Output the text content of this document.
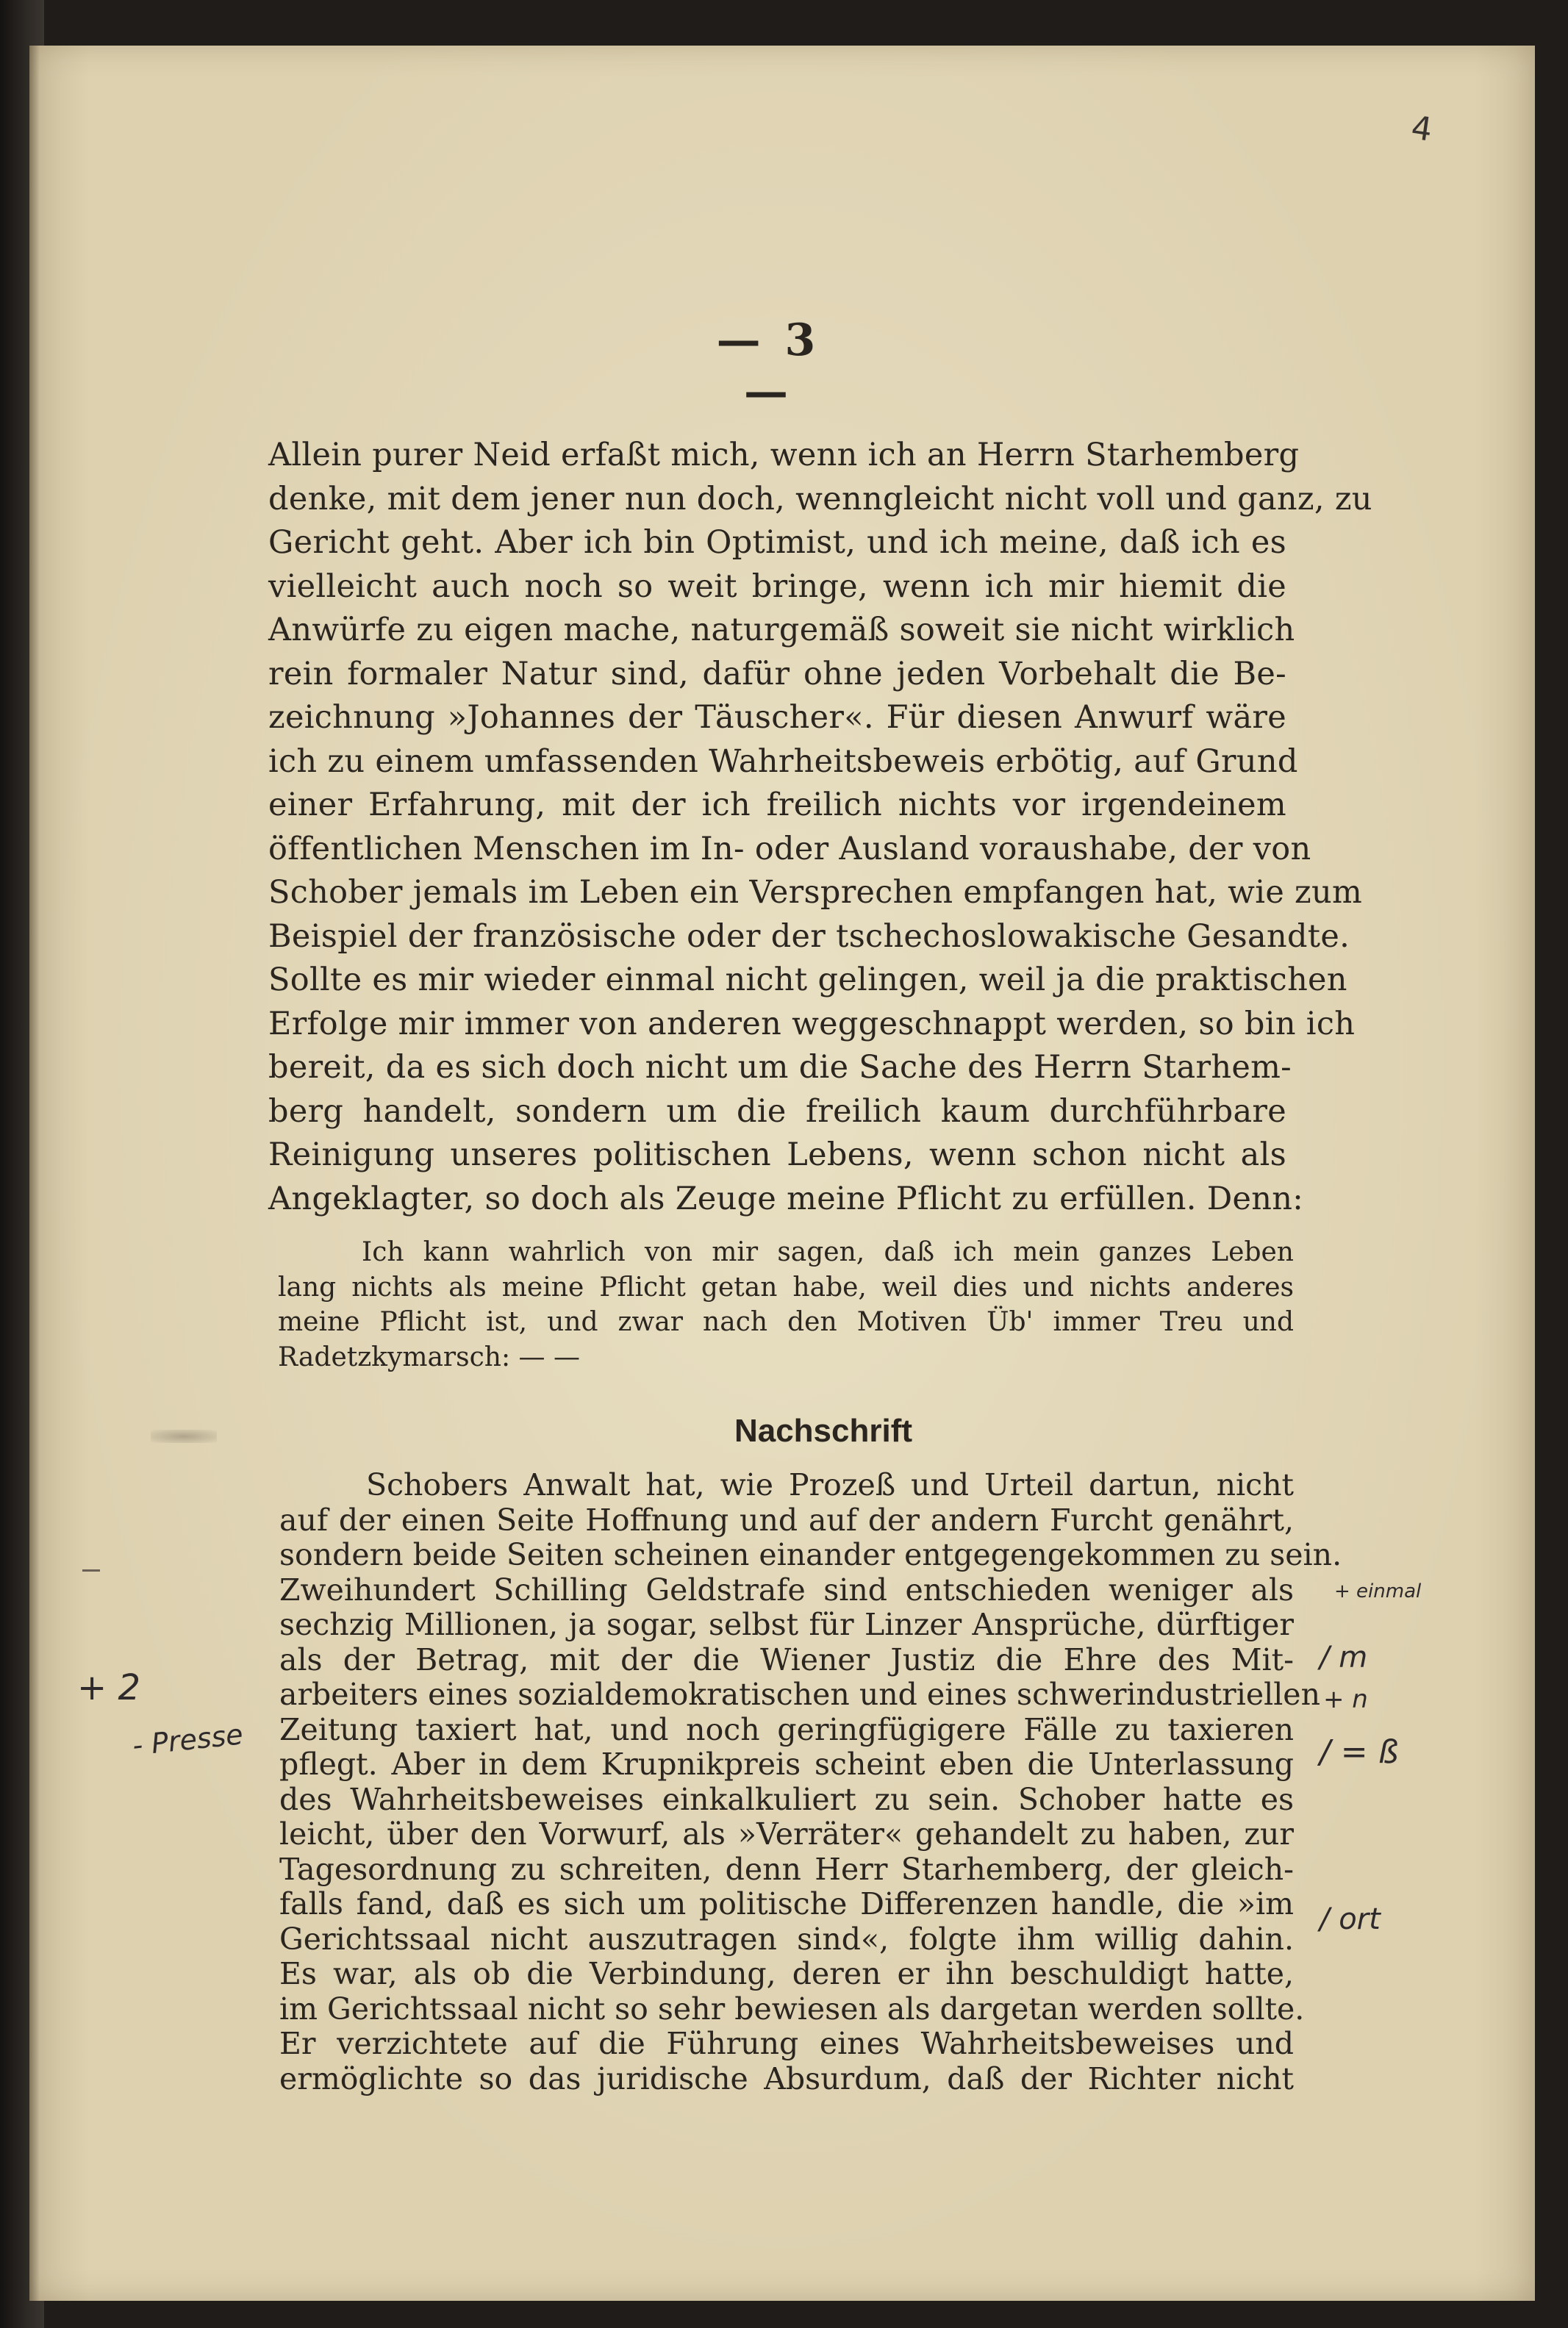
4
— 3 —
Allein purer Neid erfaßt mich, wenn ich an Herrn Starhemberg
denke, mit dem jener nun doch, wenngleicht nicht voll und ganz, zu
Gericht geht. Aber ich bin Optimist, und ich meine, daß ich es
vielleicht auch noch so weit bringe, wenn ich mir hiemit die
Anwürfe zu eigen mache, naturgemäß soweit sie nicht wirklich
rein formaler Natur sind, dafür ohne jeden Vorbehalt die Be-
zeichnung »Johannes der Täuscher«. Für diesen Anwurf wäre
ich zu einem umfassenden Wahrheitsbeweis erbötig, auf Grund
einer Erfahrung, mit der ich freilich nichts vor irgendeinem
öffentlichen Menschen im In- oder Ausland voraushabe, der von
Schober jemals im Leben ein Versprechen empfangen hat, wie zum
Beispiel der französische oder der tschechoslowakische Gesandte.
Sollte es mir wieder einmal nicht gelingen, weil ja die praktischen
Erfolge mir immer von anderen weggeschnappt werden, so bin ich
bereit, da es sich doch nicht um die Sache des Herrn Starhem-
berg handelt, sondern um die freilich kaum durchführbare
Reinigung unseres politischen Lebens, wenn schon nicht als
Angeklagter, so doch als Zeuge meine Pflicht zu erfüllen. Denn:
Ich kann wahrlich von mir sagen, daß ich mein ganzes Leben
lang nichts als meine Pflicht getan habe, weil dies und nichts anderes
meine Pflicht ist, und zwar nach den Motiven Üb' immer Treu und
Radetzkymarsch: — —
Nachschrift
Schobers Anwalt hat, wie Prozeß und Urteil dartun, nicht
auf der einen Seite Hoffnung und auf der andern Furcht genährt,
sondern beide Seiten scheinen einander entgegengekommen zu sein.
Zweihundert Schilling Geldstrafe sind entschieden weniger als
sechzig Millionen, ja sogar, selbst für Linzer Ansprüche, dürftiger
als der Betrag, mit der die Wiener Justiz die Ehre des Mit-
arbeiters eines sozialdemokratischen und eines schwerindustriellen
Zeitung taxiert hat, und noch geringfügigere Fälle zu taxieren
pflegt. Aber in dem Krupnikpreis scheint eben die Unterlassung
des Wahrheitsbeweises einkalkuliert zu sein. Schober hatte es
leicht, über den Vorwurf, als »Verräter« gehandelt zu haben, zur
Tagesordnung zu schreiten, denn Herr Starhemberg, der gleich-
falls fand, daß es sich um politische Differenzen handle, die »im
Gerichtssaal nicht auszutragen sind«, folgte ihm willig dahin.
Es war, als ob die Verbindung, deren er ihn beschuldigt hatte,
im Gerichtssaal nicht so sehr bewiesen als dargetan werden sollte.
Er verzichtete auf die Führung eines Wahrheitsbeweises und
ermöglichte so das juridische Absurdum, daß der Richter nicht
+ einmal
/ m
+ n
/ = ß
/ ort
+ 2
- Presse
